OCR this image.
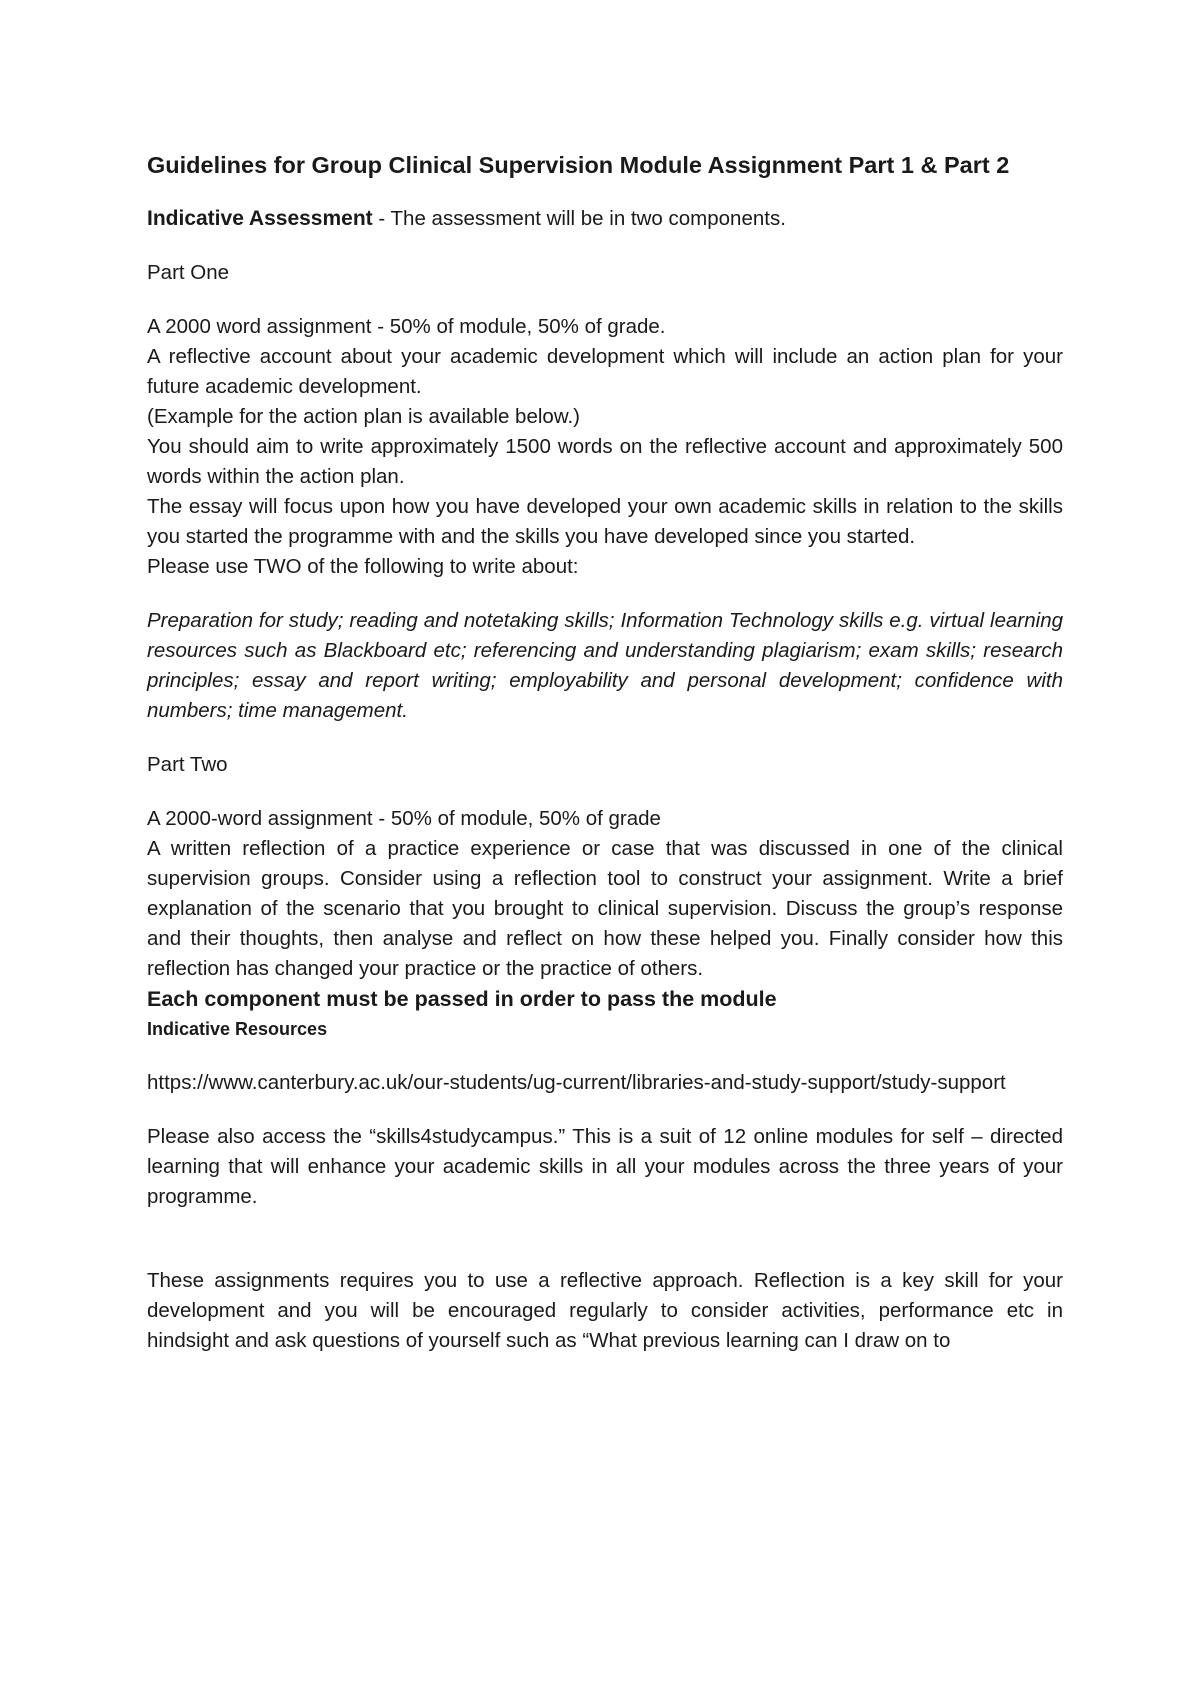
Guidelines for Group Clinical Supervision Module Assignment Part 1 & Part 2

Indicative Assessment - The assessment will be in two components.

Part One

A 2000 word assignment - 50% of module, 50% of grade.

A reflective account about your academic development which will include an action plan for your future academic development.

(Example for the action plan is available below.)

You should aim to write approximately 1500 words on the reflective account and approximately 500 words within the action plan.

The essay will focus upon how you have developed your own academic skills in relation to the skills you started the programme with and the skills you have developed since you started.

Please use TWO of the following to write about:

Preparation for study; reading and notetaking skills; Information Technology skills e.g. virtual learning resources such as Blackboard etc; referencing and understanding plagiarism; exam skills; research principles; essay and report writing; employability and personal development; confidence with numbers; time management.

Part Two

A 2000-word assignment - 50% of module, 50% of grade

A written reflection of a practice experience or case that was discussed in one of the clinical supervision groups. Consider using a reflection tool to construct your assignment. Write a brief explanation of the scenario that you brought to clinical supervision. Discuss the group’s response and their thoughts, then analyse and reflect on how these helped you. Finally consider how this reflection has changed your practice or the practice of others.

Each component must be passed in order to pass the module

Indicative Resources

https://www.canterbury.ac.uk/our-students/ug-current/libraries-and-study-support/study-support

Please also access the “skills4studycampus.” This is a suit of 12 online modules for self – directed learning that will enhance your academic skills in all your modules across the three years of your programme.

These assignments requires you to use a reflective approach. Reflection is a key skill for your development and you will be encouraged regularly to consider activities, performance etc in hindsight and ask questions of yourself such as “What previous learning can I draw on to
